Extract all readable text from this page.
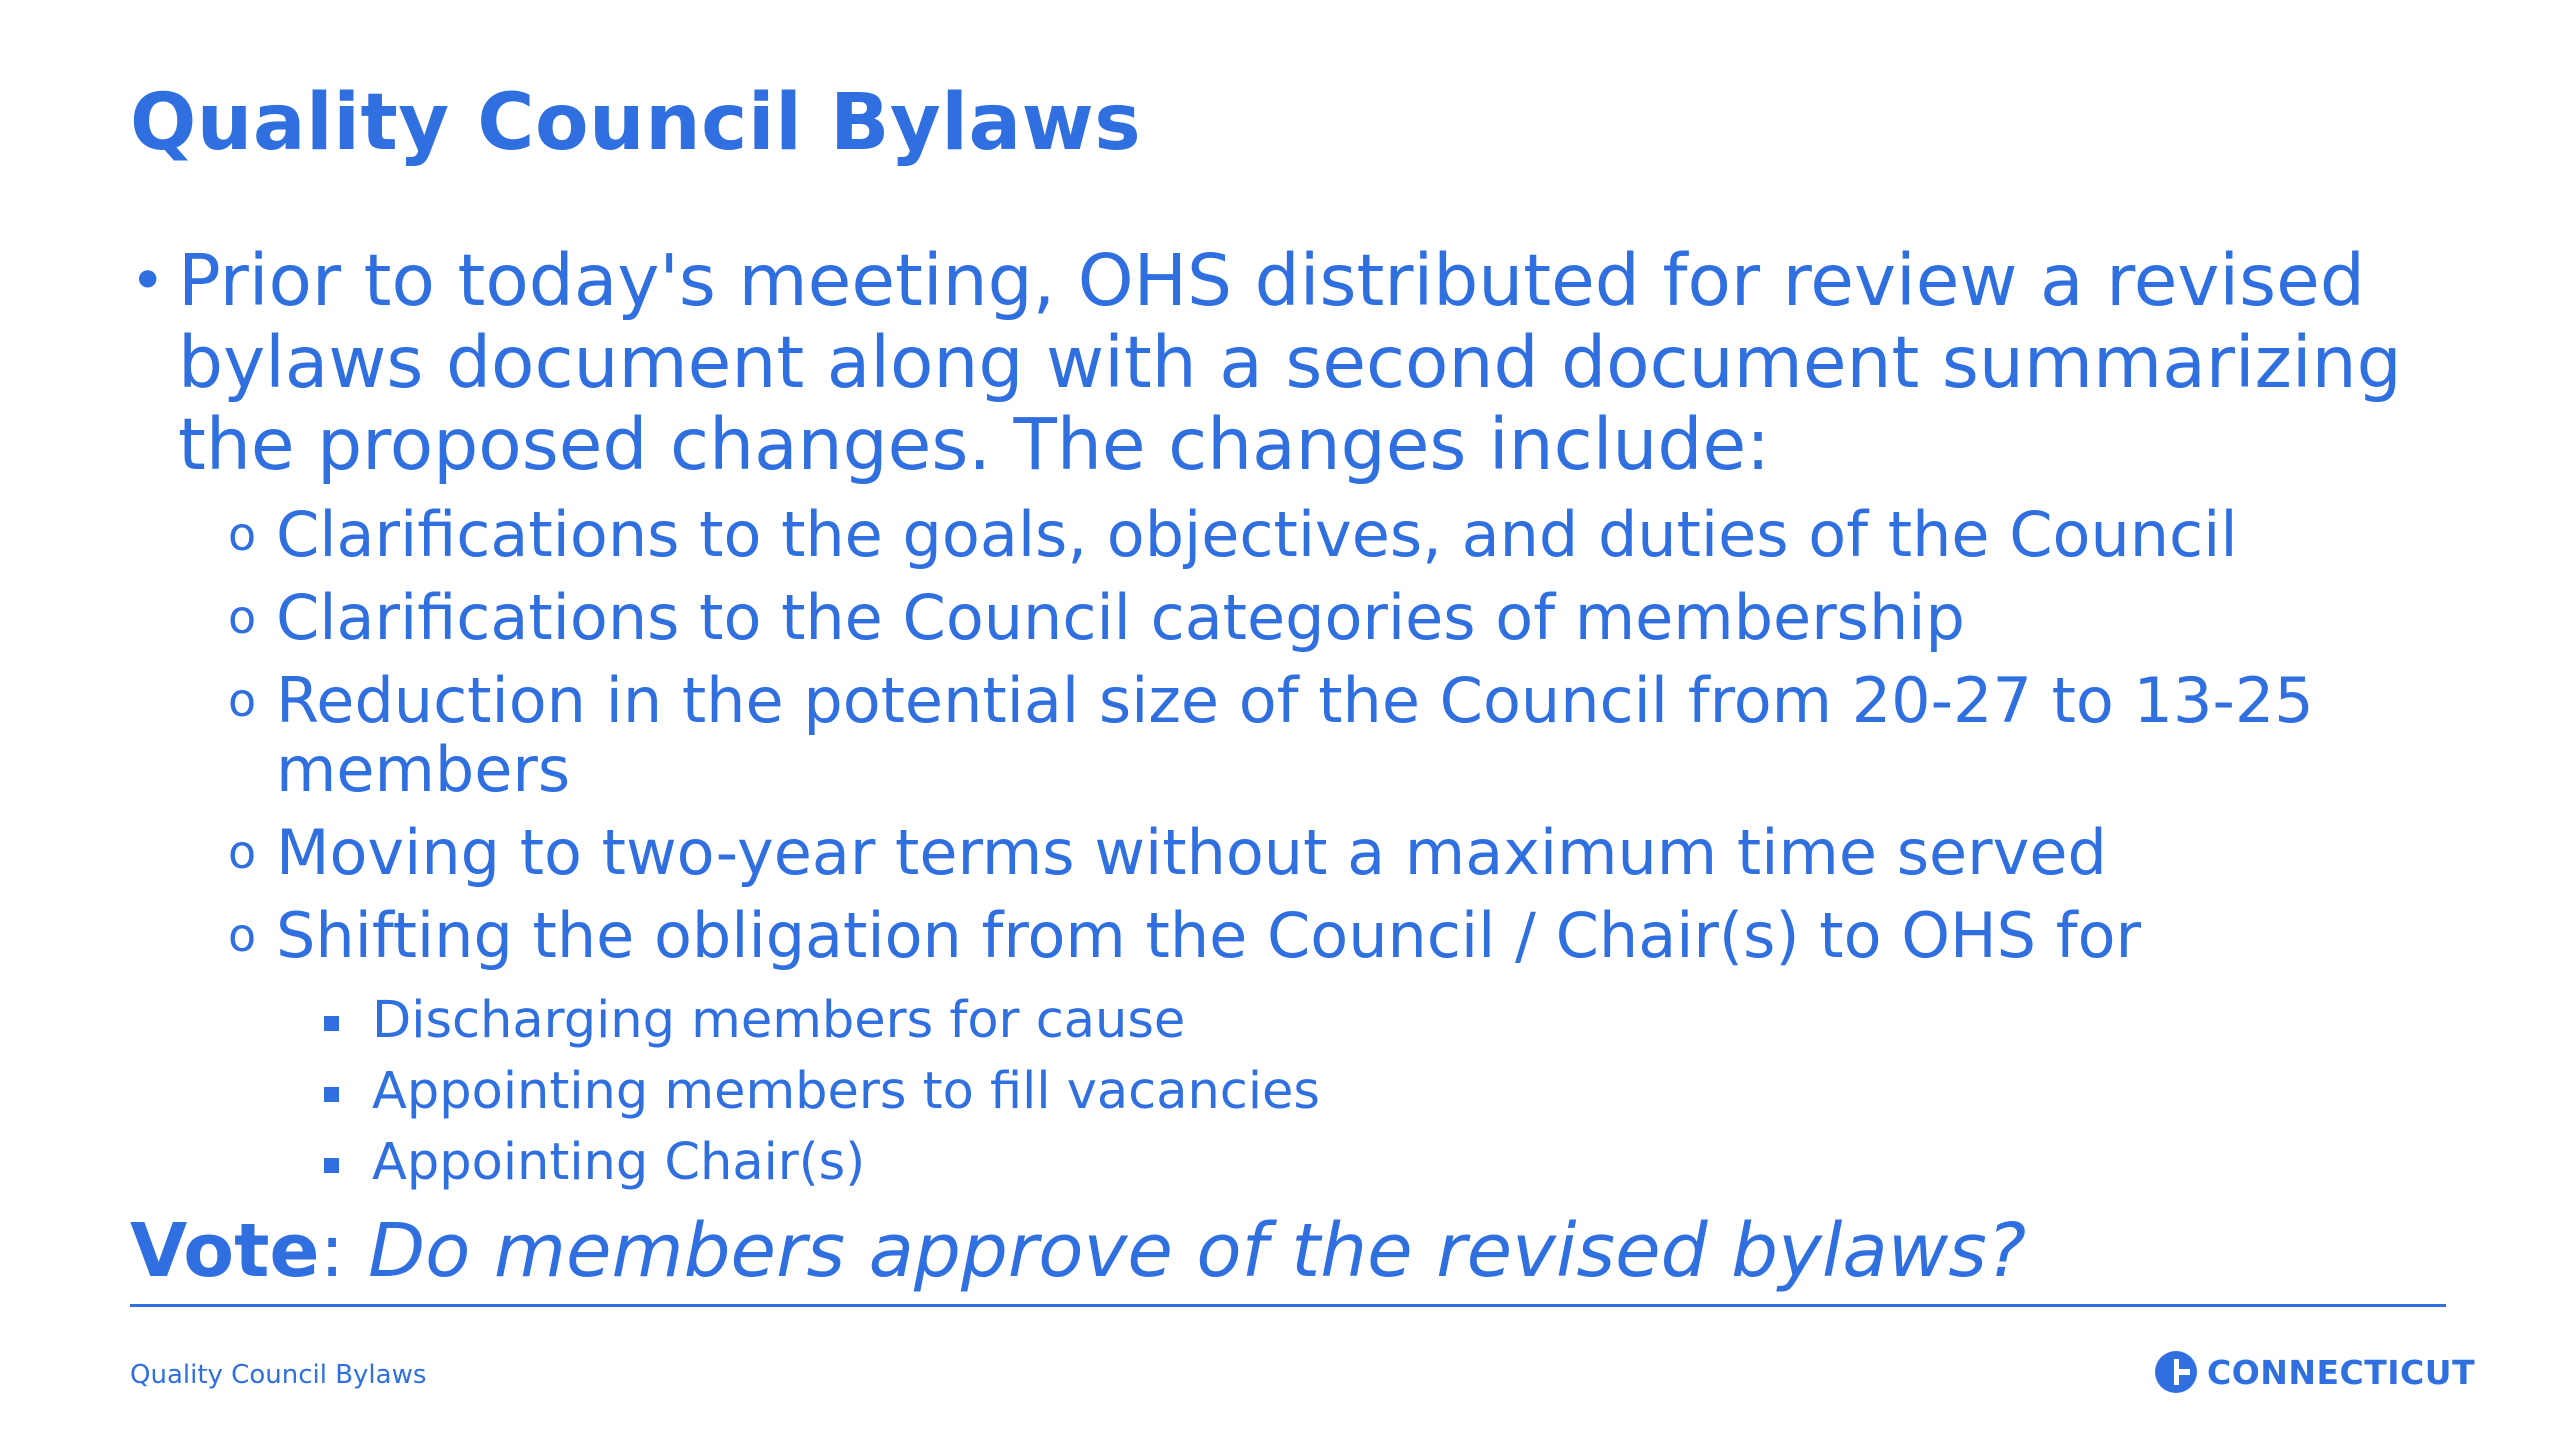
Quality Council Bylaws
• Prior to today's meeting, OHS distributed for review a revised bylaws document along with a second document summarizing the proposed changes. The changes include:
o Clarifications to the goals, objectives, and duties of the Council
o Clarifications to the Council categories of membership
o Reduction in the potential size of the Council from 20-27 to 13-25 members
o Moving to two-year terms without a maximum time served
o Shifting the obligation from the Council / Chair(s) to OHS for
Discharging members for cause
Appointing members to fill vacancies
Appointing Chair(s)
Vote: Do members approve of the revised bylaws?
Quality Council Bylaws	CONNECTICUT
